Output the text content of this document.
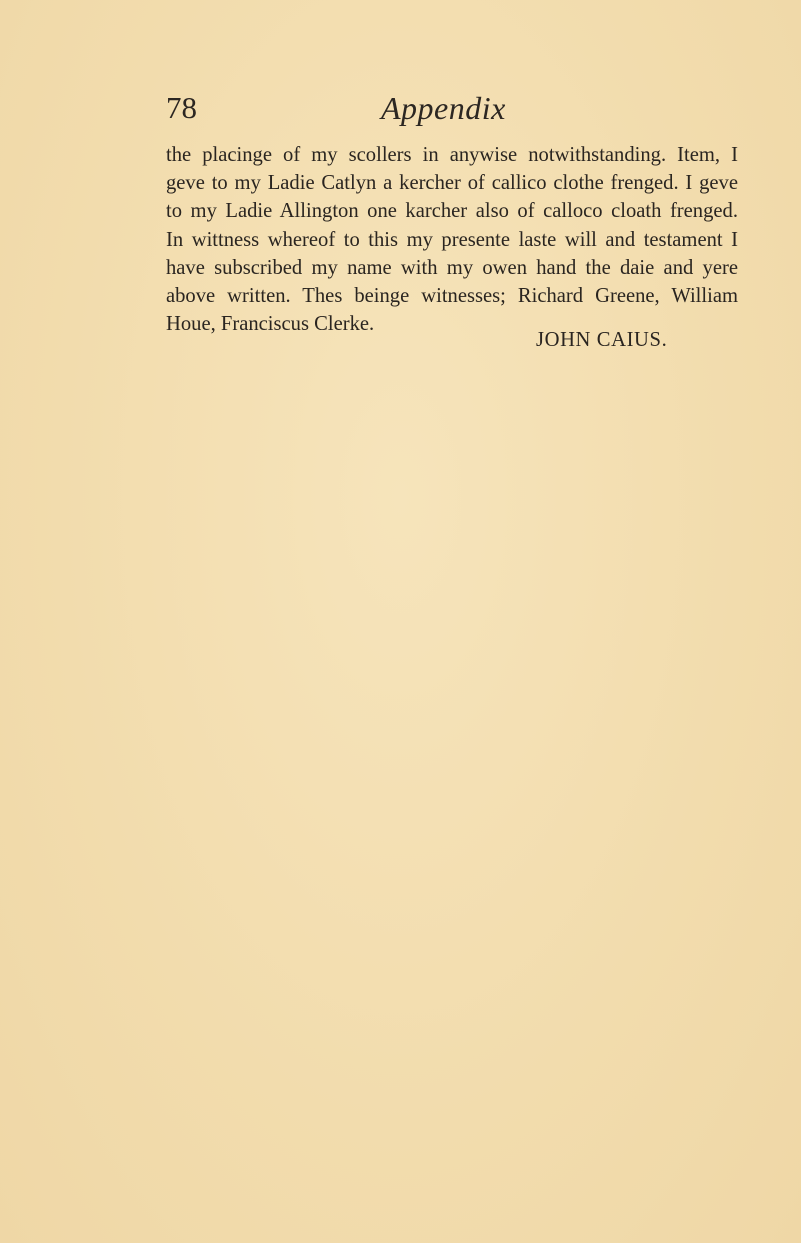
78	Appendix

the placinge of my scollers in anywise notwithstanding. Item, I
geve to my Ladie Catlyn a kercher of callico clothe frenged. I geve
to my Ladie Allington one karcher also of calloco cloath frenged.
In wittness whereof to this my presente laste will and testament I
have subscribed my name with my owen hand the daie and yere
above written. Thes beinge witnesses; Richard Greene, William
Houe, Franciscus Clerke.

JOHN CAIUS.
